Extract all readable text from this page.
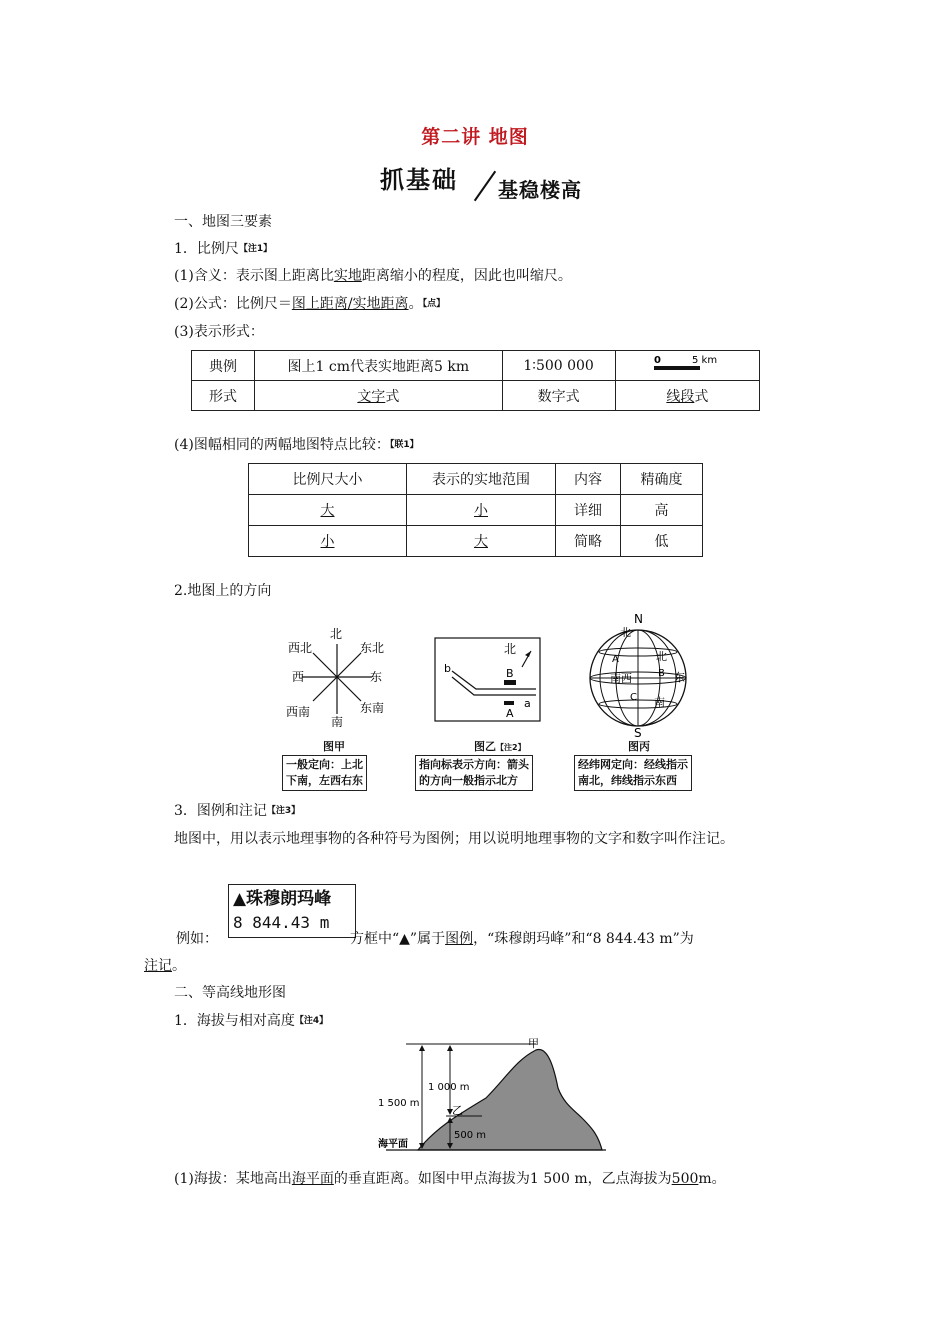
第二讲 地图
抓基础 基稳楼高
一、地图三要素
1．比例尺$^{【注1】}$
(1)含义：表示图上距离比实地距离缩小的程度，因此也叫缩尺。
(2)公式：比例尺＝图上距离/实地距离。$^{【点】}$
(3)表示形式：
典例	图上1 cm代表实地距离5 km	1∶500 000	0 5 km

形式	文字式	数字式	线段式
(4)图幅相同的两幅地图特点比较：$^{【联1】}$
比例尺大小	表示的实地范围	内容	精确度
大	小	详细	高
小	大	简略	低
2.地图上的方向
北
东北
东
东南
南
西南
西
西北
图甲
一般定向：上北
下南，左西右东
北
b	B
A
a
图乙【注2】
指向标表示方向：箭头
的方向一般指示北方
N
S
北
北
A
B
C
南西	东
南
图丙
经纬网定向：经线指示
南北，纬线指示东西
3．图例和注记$^{【注3】}$
地图中，用以表示地理事物的各种符号为图例；用以说明地理事物的文字和数字叫作注记。
▲珠穆朗玛峰
8 844.43 m
例如：	方框中“▲”属于图例，“珠穆朗玛峰”和“8 844.43 m”为
注记。
二、等高线地形图
1．海拔与相对高度$^{【注4】}$
甲
乙
1 000 m
1 500 m
500 m
海平面
(1)海拔：某地高出海平面的垂直距离。如图中甲点海拔为1 500 m，乙点海拔为500m。
